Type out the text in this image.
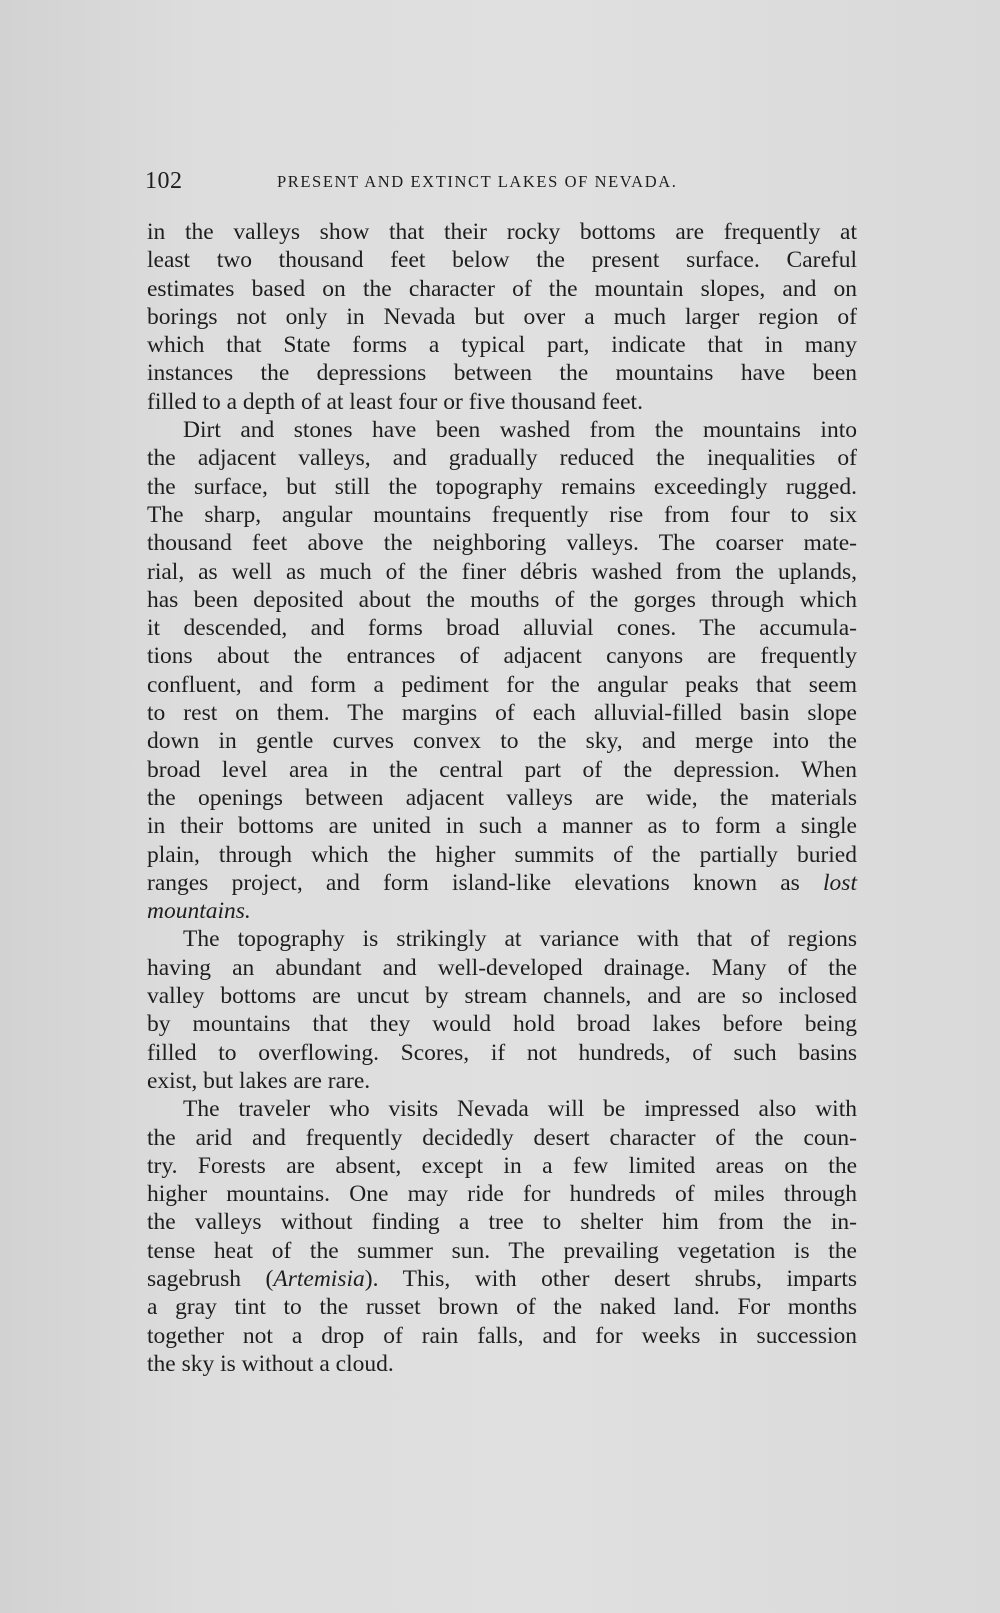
102	PRESENT AND EXTINCT LAKES OF NEVADA.

in the valleys show that their rocky bottoms are frequently at
least two thousand feet below the present surface. Careful
estimates based on the character of the mountain slopes, and on
borings not only in Nevada but over a much larger region of
which that State forms a typical part, indicate that in many
instances the depressions between the mountains have been
filled to a depth of at least four or five thousand feet.

Dirt and stones have been washed from the mountains into
the adjacent valleys, and gradually reduced the inequalities of
the surface, but still the topography remains exceedingly rugged.
The sharp, angular mountains frequently rise from four to six
thousand feet above the neighboring valleys. The coarser mate-
rial, as well as much of the finer débris washed from the uplands,
has been deposited about the mouths of the gorges through which
it descended, and forms broad alluvial cones. The accumula-
tions about the entrances of adjacent canyons are frequently
confluent, and form a pediment for the angular peaks that seem
to rest on them. The margins of each alluvial-filled basin slope
down in gentle curves convex to the sky, and merge into the
broad level area in the central part of the depression. When
the openings between adjacent valleys are wide, the materials
in their bottoms are united in such a manner as to form a single
plain, through which the higher summits of the partially buried
ranges project, and form island-like elevations known as lost
mountains.

The topography is strikingly at variance with that of regions
having an abundant and well-developed drainage. Many of the
valley bottoms are uncut by stream channels, and are so inclosed
by mountains that they would hold broad lakes before being
filled to overflowing. Scores, if not hundreds, of such basins
exist, but lakes are rare.

The traveler who visits Nevada will be impressed also with
the arid and frequently decidedly desert character of the coun-
try. Forests are absent, except in a few limited areas on the
higher mountains. One may ride for hundreds of miles through
the valleys without finding a tree to shelter him from the in-
tense heat of the summer sun. The prevailing vegetation is the
sagebrush (Artemisia). This, with other desert shrubs, imparts
a gray tint to the russet brown of the naked land. For months
together not a drop of rain falls, and for weeks in succession
the sky is without a cloud.
